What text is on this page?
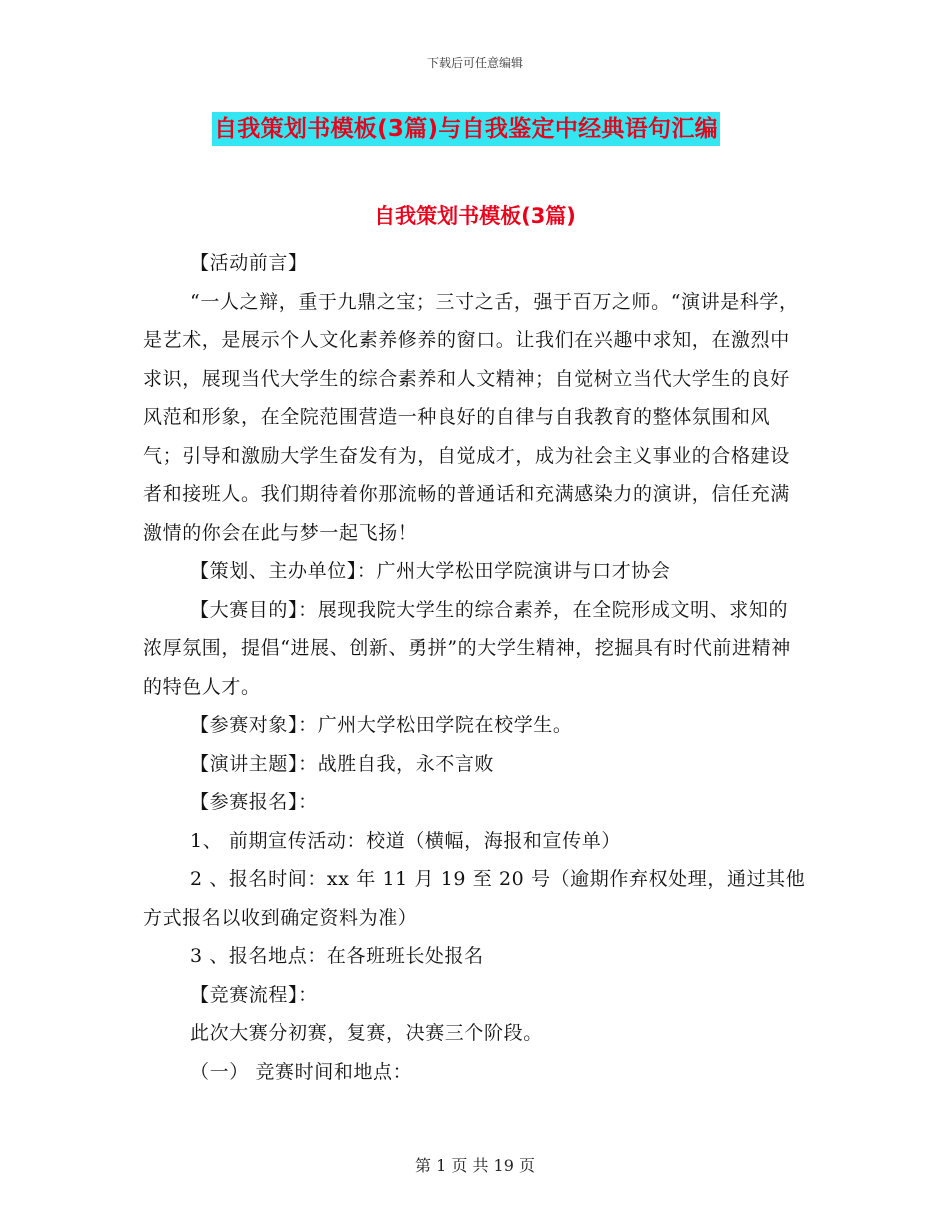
下载后可任意编辑
自我策划书模板(3篇)与自我鉴定中经典语句汇编
自我策划书模板(3篇)

【活动前言】

“一人之辩，重于九鼎之宝；三寸之舌，强于百万之师。“演讲是科学，是艺术，是展示个人文化素养修养的窗口。让我们在兴趣中求知，在激烈中求识，展现当代大学生的综合素养和人文精神；自觉树立当代大学生的良好风范和形象，在全院范围营造一种良好的自律与自我教育的整体氛围和风气；引导和激励大学生奋发有为，自觉成才，成为社会主义事业的合格建设者和接班人。我们期待着你那流畅的普通话和充满感染力的演讲，信任充满激情的你会在此与梦一起飞扬！

【策划、主办单位】：广州大学松田学院演讲与口才协会

【大赛目的】：展现我院大学生的综合素养，在全院形成文明、求知的浓厚氛围，提倡“进展、创新、勇拼”的大学生精神，挖掘具有时代前进精神的特色人才。

【参赛对象】：广州大学松田学院在校学生。

【演讲主题】：战胜自我，永不言败

【参赛报名】：

1、 前期宣传活动：校道（横幅，海报和宣传单）

2 、报名时间：xx 年 11 月 19 至 20 号（逾期作弃权处理，通过其他方式报名以收到确定资料为准）

3 、报名地点：在各班班长处报名

【竞赛流程】：

此次大赛分初赛，复赛，决赛三个阶段。

（一） 竞赛时间和地点：

第 1 页 共 19 页
